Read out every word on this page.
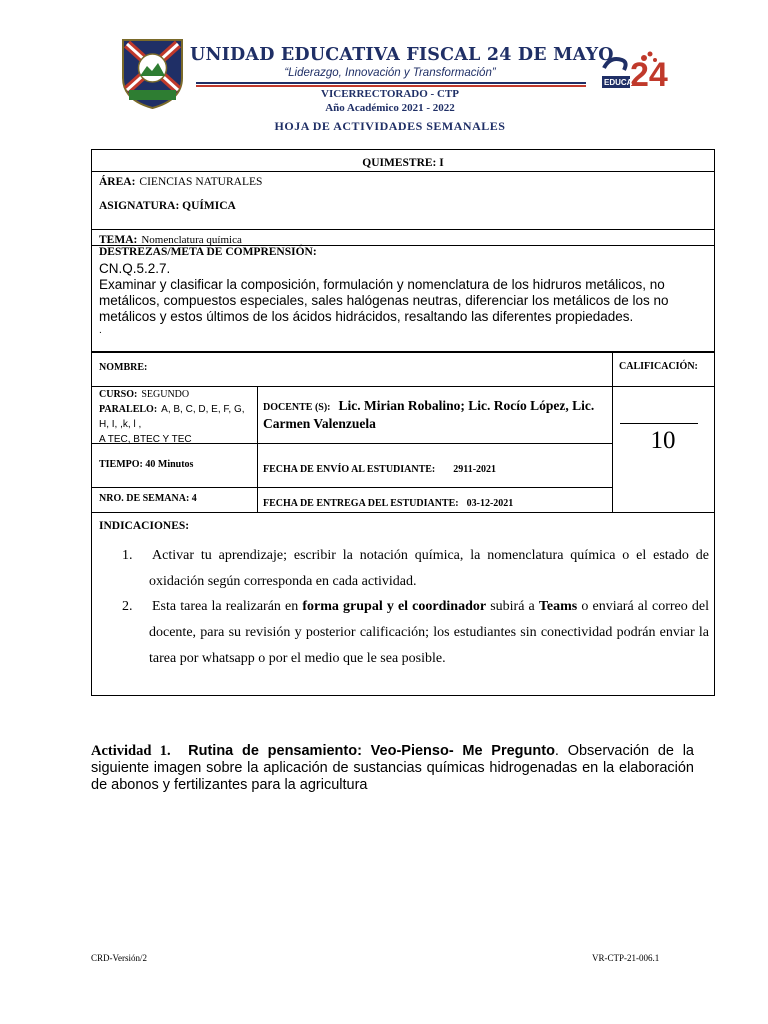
UNIDAD EDUCATIVA FISCAL 24 DE MAYO
“Liderazgo, Innovación y Transformación”
VICERRECTORADO - CTP
Año Académico 2021 - 2022
HOJA DE ACTIVIDADES SEMANALES
24
EDUCA
QUIMESTRE: I
ÁREA: CIENCIAS NATURALES
ASIGNATURA: QUÍMICA
TEMA: Nomenclatura química
DESTREZAS/META DE COMPRENSIÓN:
CN.Q.5.2.7.
Examinar y clasificar la composición, formulación y nomenclatura de los hidruros metálicos, no metálicos, compuestos especiales, sales halógenas neutras, diferenciar los metálicos de los no metálicos y estos últimos de los ácidos hidrácidos, resaltando las diferentes propiedades.
.
NOMBRE:	CALIFICACIÓN:
CURSO: SEGUNDO
PARALELO: A, B, C, D, E, F, G, H, I, ,k, l ,
A TEC, BTEC Y TEC
DOCENTE (S): Lic. Mirian Robalino; Lic. Rocío López, Lic. Carmen Valenzuela
TIEMPO: 40 Minutos	FECHA DE ENVÍO AL ESTUDIANTE: 2911-2021
NRO. DE SEMANA: 4	FECHA DE ENTREGA DEL ESTUDIANTE: 03-12-2021
10
INDICACIONES:
1. Activar tu aprendizaje; escribir la notación química, la nomenclatura química o el estado de oxidación según corresponda en cada actividad.
2. Esta tarea la realizarán en forma grupal y el coordinador subirá a Teams o enviará al correo del docente, para su revisión y posterior calificación; los estudiantes sin conectividad podrán enviar la tarea por whatsapp o por el medio que le sea posible.
Actividad 1. Rutina de pensamiento: Veo-Pienso- Me Pregunto. Observación de la siguiente imagen sobre la aplicación de sustancias químicas hidrogenadas en la elaboración de abonos y fertilizantes para la agricultura
CRD-Versión/2	VR-CTP-21-006.1
